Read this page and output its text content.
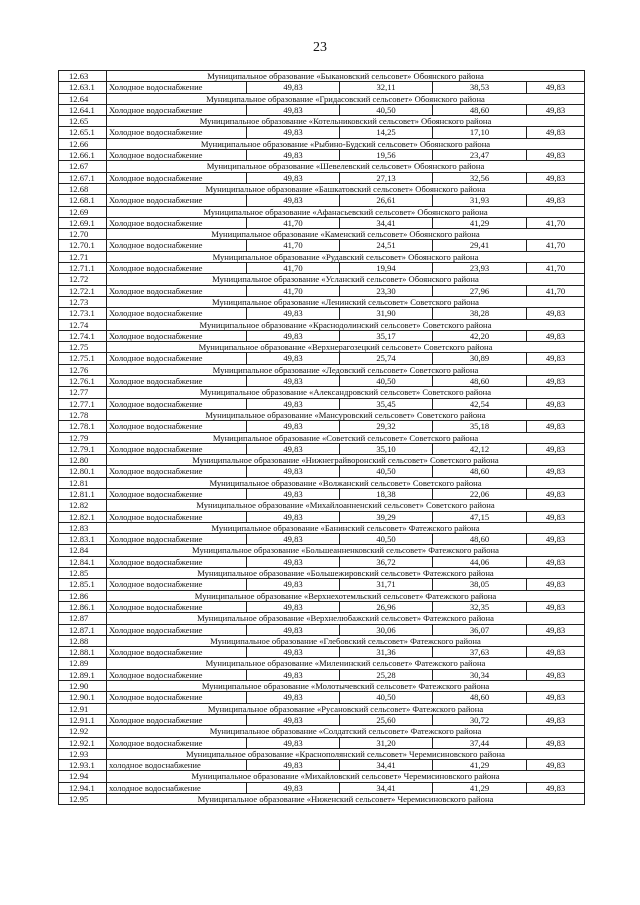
23
12.63	Муниципальное образование «Быкановский сельсовет» Обоянского района
12.63.1	Холодное водоснабжение	49,83	32,11	38,53	49,83
12.64	Муниципальное образование «Гридасовский сельсовет» Обоянского района
12.64.1	Холодное водоснабжение	49,83	40,50	48,60	49,83
12.65	Муниципальное образование «Котельниковский сельсовет» Обоянского района
12.65.1	Холодное водоснабжение	49,83	14,25	17,10	49,83
12.66	Муниципальное образование «Рыбино-Будский сельсовет» Обоянского района
12.66.1	Холодное водоснабжение	49,83	19,56	23,47	49,83
12.67	Муниципальное образование «Шевелевский сельсовет» Обоянского района
12.67.1	Холодное водоснабжение	49,83	27,13	32,56	49,83
12.68	Муниципальное образование «Башкатовский сельсовет» Обоянского района
12.68.1	Холодное водоснабжение	49,83	26,61	31,93	49,83
12.69	Муниципальное образование «Афанасьевский сельсовет» Обоянского района
12.69.1	Холодное водоснабжение	41,70	34,41	41,29	41,70
12.70	Муниципальное образование «Каменский сельсовет» Обоянского района
12.70.1	Холодное водоснабжение	41,70	24,51	29,41	41,70
12.71	Муниципальное образование «Рудавский сельсовет» Обоянского района
12.71.1	Холодное водоснабжение	41,70	19,94	23,93	41,70
12.72	Муниципальное образование «Усланский сельсовет» Обоянского района
12.72.1	Холодное водоснабжение	41,70	23,30	27,96	41,70
12.73	Муниципальное образование «Ленинский сельсовет» Советского района
12.73.1	Холодное водоснабжение	49,83	31,90	38,28	49,83
12.74	Муниципальное образование «Краснодолинский сельсовет» Советского района
12.74.1	Холодное водоснабжение	49,83	35,17	42,20	49,83
12.75	Муниципальное образование «Верхнерагозецкий сельсовет» Советского района
12.75.1	Холодное водоснабжение	49,83	25,74	30,89	49,83
12.76	Муниципальное образование «Ледовский сельсовет» Советского района
12.76.1	Холодное водоснабжение	49,83	40,50	48,60	49,83
12.77	Муниципальное образование «Александровский сельсовет» Советского района
12.77.1	Холодное водоснабжение	49,83	35,45	42,54	49,83
12.78	Муниципальное образование «Мансуровский сельсовет» Советского района
12.78.1	Холодное водоснабжение	49,83	29,32	35,18	49,83
12.79	Муниципальное образование «Советский сельсовет» Советского района
12.79.1	Холодное водоснабжение	49,83	35,10	42,12	49,83
12.80	Муниципальное образование «Нижнеграйворонский сельсовет» Советского района
12.80.1	Холодное водоснабжение	49,83	40,50	48,60	49,83
12.81	Муниципальное образование «Волжанский сельсовет» Советского района
12.81.1	Холодное водоснабжение	49,83	18,38	22,06	49,83
12.82	Муниципальное образование «Михайлоанненский сельсовет» Советского района
12.82.1	Холодное водоснабжение	49,83	39,29	47,15	49,83
12.83	Муниципальное образование «Банинский сельсовет» Фатежского района
12.83.1	Холодное водоснабжение	49,83	40,50	48,60	49,83
12.84	Муниципальное образование «Большеанненковский сельсовет» Фатежского района
12.84.1	Холодное водоснабжение	49,83	36,72	44,06	49,83
12.85	Муниципальное образование «Большежировский сельсовет» Фатежского района
12.85.1	Холодное водоснабжение	49,83	31,71	38,05	49,83
12.86	Муниципальное образование «Верхнехотемльский сельсовет» Фатежского района
12.86.1	Холодное водоснабжение	49,83	26,96	32,35	49,83
12.87	Муниципальное образование «Верхнелюбажский сельсовет» Фатежского района
12.87.1	Холодное водоснабжение	49,83	30,06	36,07	49,83
12.88	Муниципальное образование «Глебовский сельсовет» Фатежского района
12.88.1	Холодное водоснабжение	49,83	31,36	37,63	49,83
12.89	Муниципальное образование «Миленинский сельсовет» Фатежского района
12.89.1	Холодное водоснабжение	49,83	25,28	30,34	49,83
12.90	Муниципальное образование «Молотычевский сельсовет» Фатежского района
12.90.1	Холодное водоснабжение	49,83	40,50	48,60	49,83
12.91	Муниципальное образование «Русановский сельсовет» Фатежского района
12.91.1	Холодное водоснабжение	49,83	25,60	30,72	49,83
12.92	Муниципальное образование «Солдатский сельсовет» Фатежского района
12.92.1	Холодное водоснабжение	49,83	31,20	37,44	49,83
12.93	Муниципальное образование «Краснополянский сельсовет» Черемисиновского района
12.93.1	холодное водоснабжение	49,83	34,41	41,29	49,83
12.94	Муниципальное образование «Михайловский сельсовет» Черемисиновского района
12.94.1	холодное водоснабжение	49,83	34,41	41,29	49,83
12.95	Муниципальное образование «Ниженский сельсовет» Черемисиновского района
